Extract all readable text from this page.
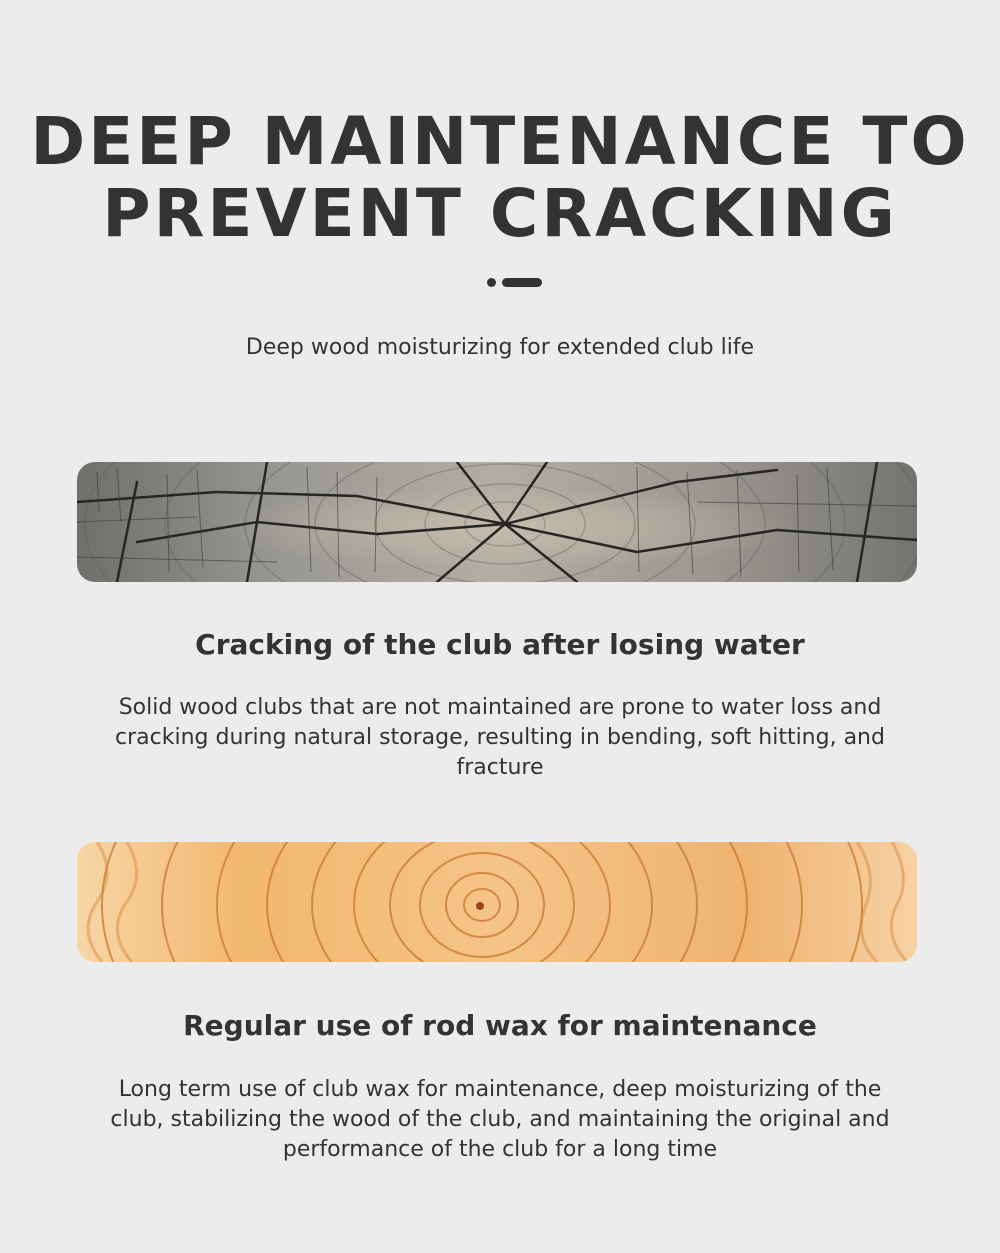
DEEP MAINTENANCE TO
PREVENT CRACKING

Deep wood moisturizing for extended club life

Cracking of the club after losing water

Solid wood clubs that are not maintained are prone to water loss and cracking during natural storage, resulting in bending, soft hitting, and fracture

Regular use of rod wax for maintenance

Long term use of club wax for maintenance, deep moisturizing of the club, stabilizing the wood of the club, and maintaining the original and performance of the club for a long time
